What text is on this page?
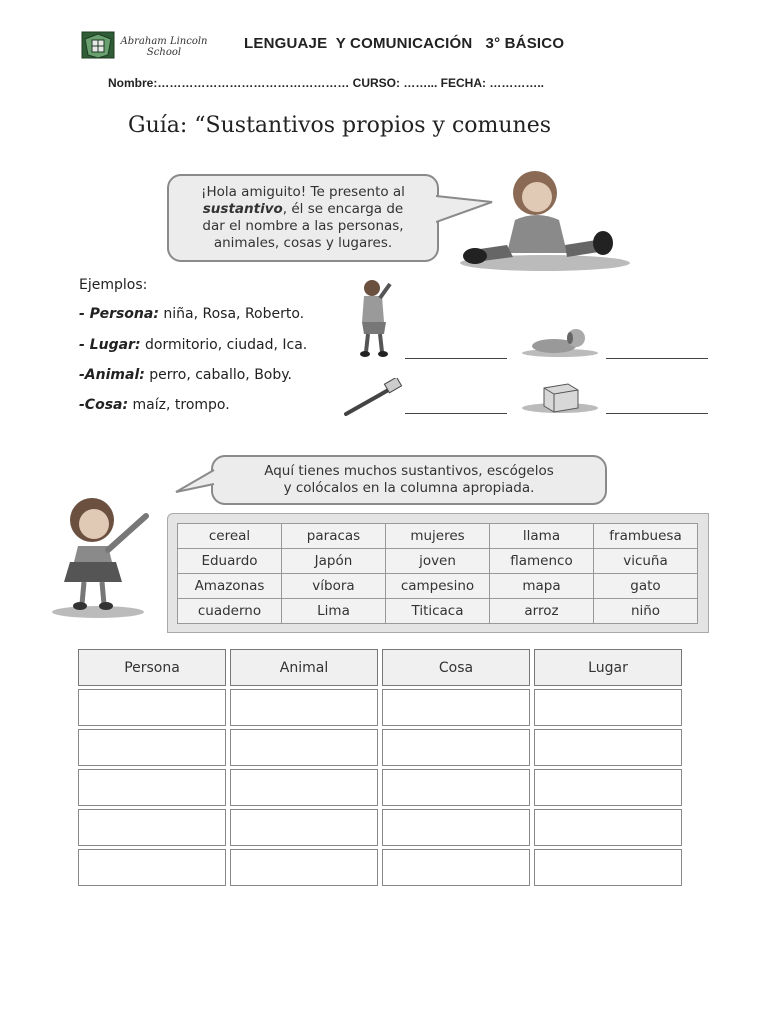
Abraham Lincoln School
LENGUAJE  Y COMUNICACIÓN   3° BÁSICO
Nombre:………………………………………… CURSO: ……... FECHA: …………..
Guía: “Sustantivos propios y comunes
¡Hola amiguito! Te presento al
sustantivo, él se encarga de
dar el nombre a las personas,
animales, cosas y lugares.
Ejemplos:
- Persona: niña, Rosa, Roberto.
- Lugar: dormitorio, ciudad, Ica.
-Animal: perro, caballo, Boby.
-Cosa: maíz, trompo.
Aquí tienes muchos sustantivos, escógelos
y colócalos en la columna apropiada.
cereal	paracas	mujeres	llama	frambuesa
Eduardo	Japón	joven	flamenco	vicuña
Amazonas	víbora	campesino	mapa	gato
cuaderno	Lima	Titicaca	arroz	niño
Persona	Animal	Cosa	Lugar
